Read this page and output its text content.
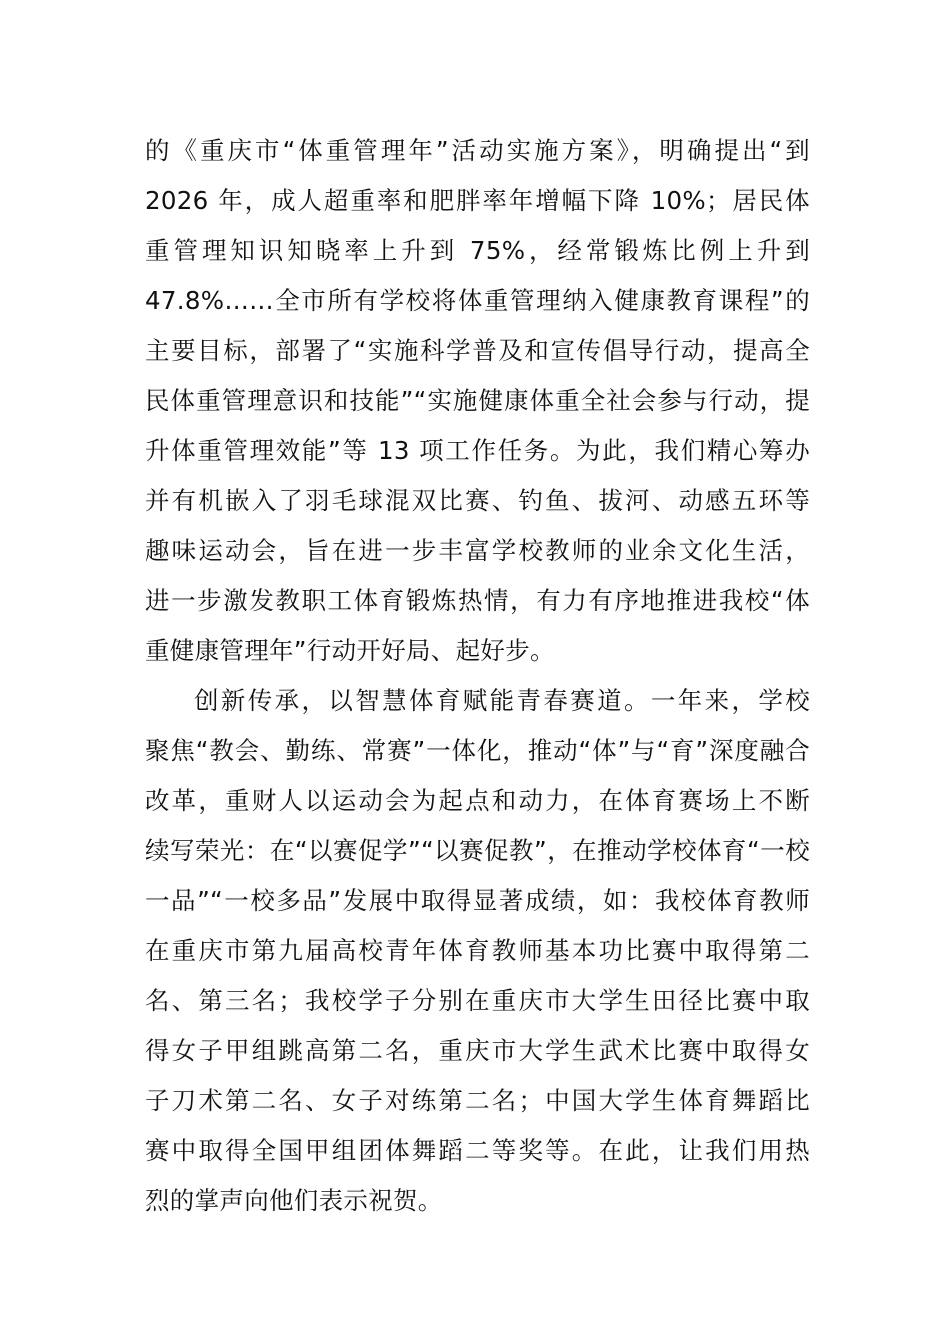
的《重庆市“体重管理年”活动实施方案》，明确提出“到
2026 年，成人超重率和肥胖率年增幅下降 10%；居民体
重管理知识知晓率上升到 75%，经常锻炼比例上升到
47.8%……全市所有学校将体重管理纳入健康教育课程”的
主要目标，部署了“实施科学普及和宣传倡导行动，提高全
民体重管理意识和技能”“实施健康体重全社会参与行动，提
升体重管理效能”等 13 项工作任务。为此，我们精心筹办
并有机嵌入了羽毛球混双比赛、钓鱼、拔河、动感五环等
趣味运动会，旨在进一步丰富学校教师的业余文化生活，
进一步激发教职工体育锻炼热情，有力有序地推进我校“体
重健康管理年”行动开好局、起好步。
创新传承，以智慧体育赋能青春赛道。一年来，学校
聚焦“教会、勤练、常赛”一体化，推动“体”与“育”深度融合
改革，重财人以运动会为起点和动力，在体育赛场上不断
续写荣光：在“以赛促学”“以赛促教”，在推动学校体育“一校
一品”“一校多品”发展中取得显著成绩，如：我校体育教师
在重庆市第九届高校青年体育教师基本功比赛中取得第二
名、第三名；我校学子分别在重庆市大学生田径比赛中取
得女子甲组跳高第二名，重庆市大学生武术比赛中取得女
子刀术第二名、女子对练第二名；中国大学生体育舞蹈比
赛中取得全国甲组团体舞蹈二等奖等。在此，让我们用热
烈的掌声向他们表示祝贺。
